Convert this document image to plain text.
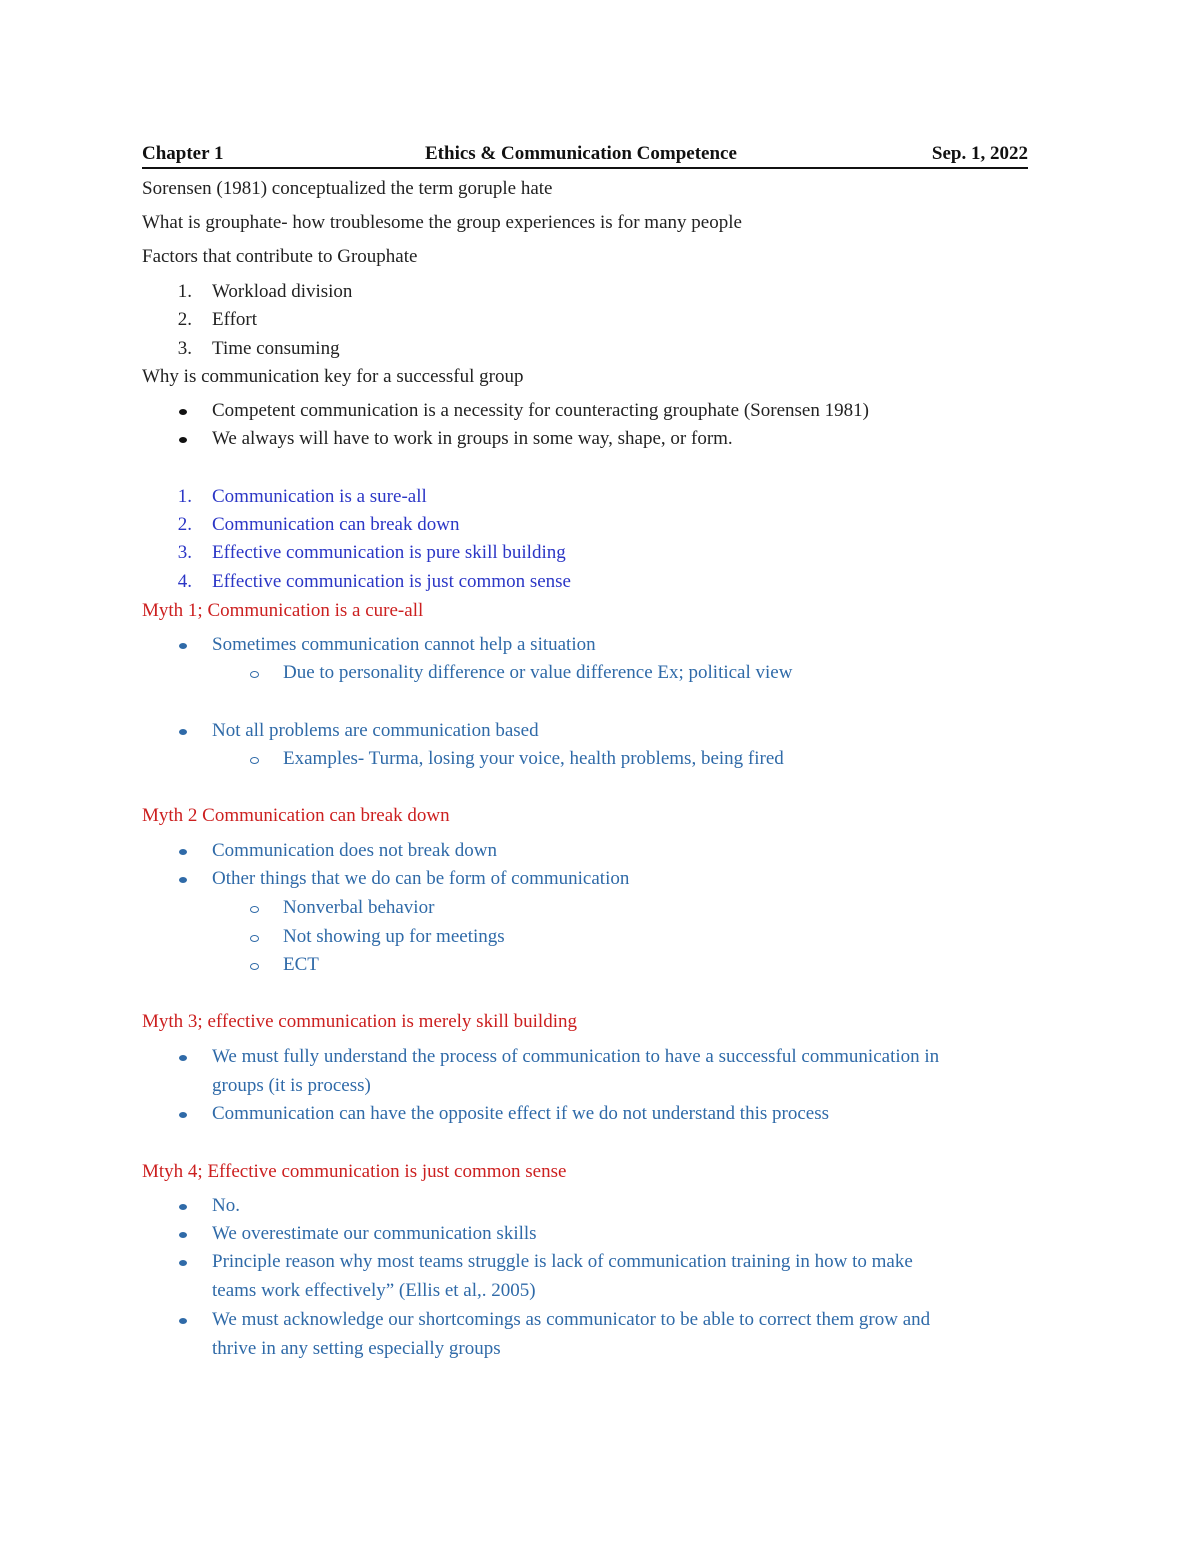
Chapter 1	Ethics & Communication Competence	Sep. 1, 2022
Sorensen (1981) conceptualized the term goruple hate
What is grouphate- how troublesome the group experiences is for many people
Factors that contribute to Grouphate
1. Workload division
2. Effort
3. Time consuming
Why is communication key for a successful group
Competent communication is a necessity for counteracting grouphate (Sorensen 1981)
We always will have to work in groups in some way, shape, or form.
1. Communication is a sure-all
2. Communication can break down
3. Effective communication is pure skill building
4. Effective communication is just common sense
Myth 1; Communication is a cure-all
Sometimes communication cannot help a situation
Due to personality difference or value difference Ex; political view
Not all problems are communication based
Examples- Turma, losing your voice, health problems, being fired
Myth 2 Communication can break down
Communication does not break down
Other things that we do can be form of communication
Nonverbal behavior
Not showing up for meetings
ECT
Myth 3; effective communication is merely skill building
We must fully understand the process of communication to have a successful communication in
groups (it is process)
Communication can have the opposite effect if we do not understand this process
Mtyh 4; Effective communication is just common sense
No.
We overestimate our communication skills
Principle reason why most teams struggle is lack of communication training in how to make
teams work effectively” (Ellis et al,. 2005)
We must acknowledge our shortcomings as communicator to be able to correct them grow and
thrive in any setting especially groups
